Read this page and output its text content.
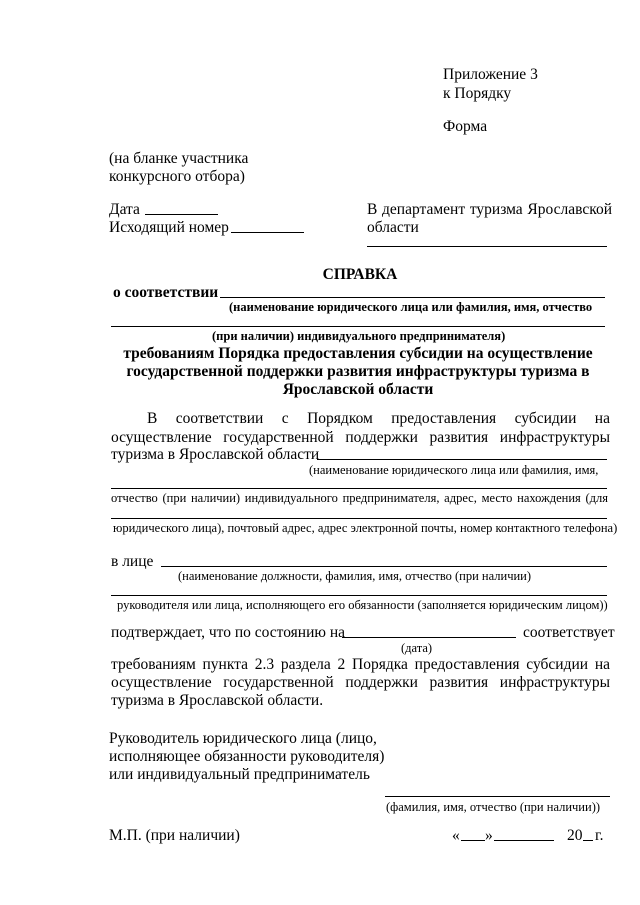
Приложение 3
к Порядку
Форма
(на бланке участника
конкурсного отбора)
Дата
Исходящий номер
В департамент туризма Ярославской
области
СПРАВКА
о соответствии
(наименование юридического лица или фамилия, имя, отчество
(при наличии) индивидуального предпринимателя)
требованиям Порядка предоставления субсидии на осуществление
государственной поддержки развития инфраструктуры туризма в
Ярославской области
В соответствии с Порядком предоставления субсидии на
осуществление государственной поддержки развития инфраструктуры
туризма в Ярославской области
(наименование юридического лица или фамилия, имя,
отчество (при наличии) индивидуального предпринимателя, адрес, место нахождения (для
юридического лица), почтовый адрес, адрес электронной почты, номер контактного телефона)
в лице
(наименование должности, фамилия, имя, отчество (при наличии)
руководителя или лица, исполняющего его обязанности (заполняется юридическим лицом))
подтверждает, что по состоянию на	соответствует
(дата)
требованиям пункта 2.3 раздела 2 Порядка предоставления субсидии на
осуществление государственной поддержки развития инфраструктуры
туризма в Ярославской области.
Руководитель юридического лица (лицо,
исполняющее обязанности руководителя)
или индивидуальный предприниматель
(фамилия, имя, отчество (при наличии))
М.П. (при наличии)	« »	20 г.
